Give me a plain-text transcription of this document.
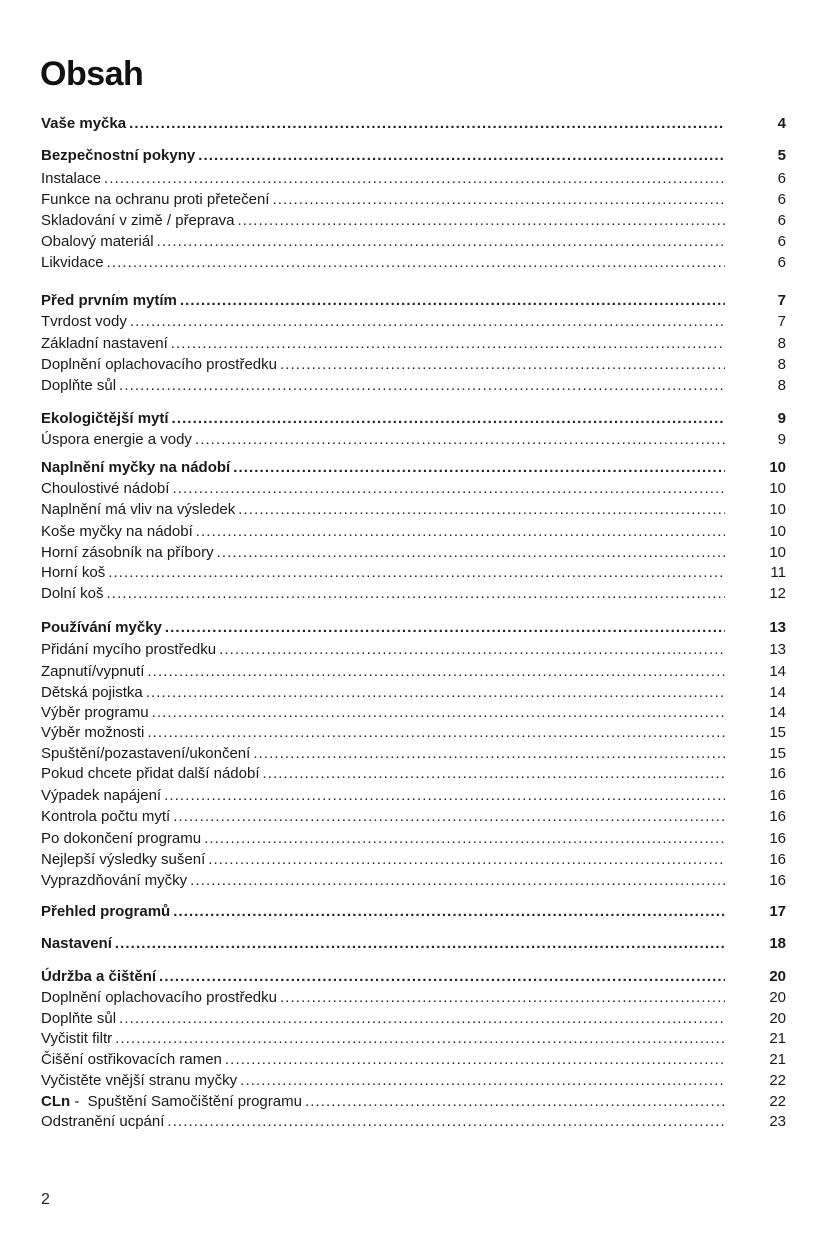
Obsah
Vaše myčka .....	4
Bezpečnostní pokyny .....	5
Instalace .....	6
Funkce na ochranu proti přetečení .....	6
Skladování v zimě / přeprava .....	6
Obalový materiál .....	6
Likvidace .....	6
Před prvním mytím .....	7
Tvrdost vody .....	7
Základní nastavení .....	8
Doplnění oplachovacího prostředku .....	8
Doplňte sůl .....	8
Ekologičtější mytí .....	9
Úspora energie a vody .....	9
Naplnění myčky na nádobí .....	10
Choulostivé nádobí .....	10
Naplnění má vliv na výsledek .....	10
Koše myčky na nádobí .....	10
Horní zásobník na příbory .....	10
Horní koš .....	11
Dolní koš .....	12
Používání myčky .....	13
Přidání mycího prostředku .....	13
Zapnutí/vypnutí .....	14
Dětská pojistka .....	14
Výběr programu .....	14
Výběr možnosti .....	15
Spuštění/pozastavení/ukončení .....	15
Pokud chcete přidat další nádobí .....	16
Výpadek napájení .....	16
Kontrola počtu mytí .....	16
Po dokončení programu .....	16
Nejlepší výsledky sušení .....	16
Vyprazdňování myčky .....	16
Přehled programů .....	17
Nastavení .....	18
Údržba a čištění .....	20
Doplnění oplachovacího prostředku .....	20
Doplňte sůl .....	20
Vyčistit filtr .....	21
Čišění ostřikovacích ramen .....	21
Vyčistěte vnější stranu myčky .....	22
CLn -  Spuštění Samočištění programu .....	22
Odstranění ucpání .....	23
2
